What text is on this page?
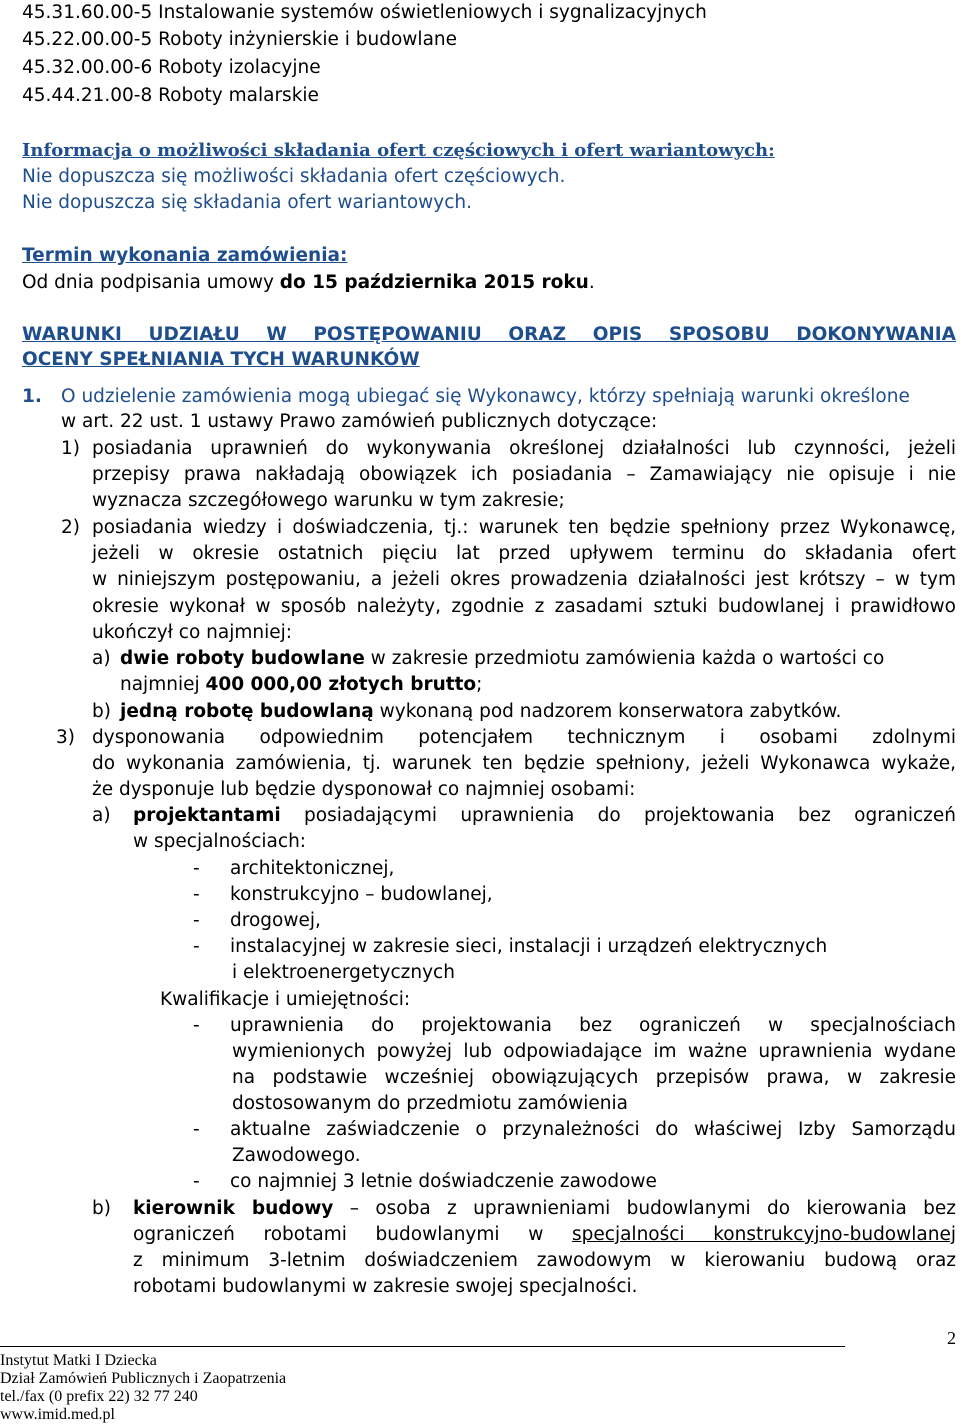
45.31.60.00-5 Instalowanie systemów oświetleniowych i sygnalizacyjnych
45.22.00.00-5 Roboty inżynierskie i budowlane
45.32.00.00-6 Roboty izolacyjne
45.44.21.00-8 Roboty malarskie
Informacja o możliwości składania ofert częściowych i ofert wariantowych:
Nie dopuszcza się możliwości składania ofert częściowych.
Nie dopuszcza się składania ofert wariantowych.
Termin wykonania zamówienia:
Od dnia podpisania umowy do 15 października 2015 roku.
WARUNKI UDZIAŁU W POSTĘPOWANIU ORAZ OPIS SPOSOBU DOKONYWANIA
OCENY SPEŁNIANIA TYCH WARUNKÓW
1. O udzielenie zamówienia mogą ubiegać się Wykonawcy, którzy spełniają warunki określone
w art. 22 ust. 1 ustawy Prawo zamówień publicznych dotyczące:
1) posiadania uprawnień do wykonywania określonej działalności lub czynności, jeżeli
przepisy prawa nakładają obowiązek ich posiadania – Zamawiający nie opisuje i nie
wyznacza szczegółowego warunku w tym zakresie;
2) posiadania wiedzy i doświadczenia, tj.: warunek ten będzie spełniony przez Wykonawcę,
jeżeli w okresie ostatnich pięciu lat przed upływem terminu do składania ofert
w niniejszym postępowaniu, a jeżeli okres prowadzenia działalności jest krótszy – w tym
okresie wykonał w sposób należyty, zgodnie z zasadami sztuki budowlanej i prawidłowo
ukończył co najmniej:
a) dwie roboty budowlane w zakresie przedmiotu zamówienia każda o wartości co
najmniej 400 000,00 złotych brutto;
b) jedną robotę budowlaną wykonaną pod nadzorem konserwatora zabytków.
3) dysponowania odpowiednim potencjałem technicznym i osobami zdolnymi
do wykonania zamówienia, tj. warunek ten będzie spełniony, jeżeli Wykonawca wykaże,
że dysponuje lub będzie dysponował co najmniej osobami:
a) projektantami posiadającymi uprawnienia do projektowania bez ograniczeń
w specjalnościach:
- architektonicznej,
- konstrukcyjno – budowlanej,
- drogowej,
- instalacyjnej w zakresie sieci, instalacji i urządzeń elektrycznych
i elektroenergetycznych
Kwalifikacje i umiejętności:
- uprawnienia do projektowania bez ograniczeń w specjalnościach
wymienionych powyżej lub odpowiadające im ważne uprawnienia wydane
na podstawie wcześniej obowiązujących przepisów prawa, w zakresie
dostosowanym do przedmiotu zamówienia
- aktualne zaświadczenie o przynależności do właściwej Izby Samorządu
Zawodowego.
- co najmniej 3 letnie doświadczenie zawodowe
b) kierownik budowy – osoba z uprawnieniami budowlanymi do kierowania bez
ograniczeń robotami budowlanymi w specjalności konstrukcyjno-budowlanej
z minimum 3-letnim doświadczeniem zawodowym w kierowaniu budową oraz
robotami budowlanymi w zakresie swojej specjalności.
2
Instytut Matki I Dziecka
Dział Zamówień Publicznych i Zaopatrzenia
tel./fax (0 prefix 22) 32 77 240
www.imid.med.pl
